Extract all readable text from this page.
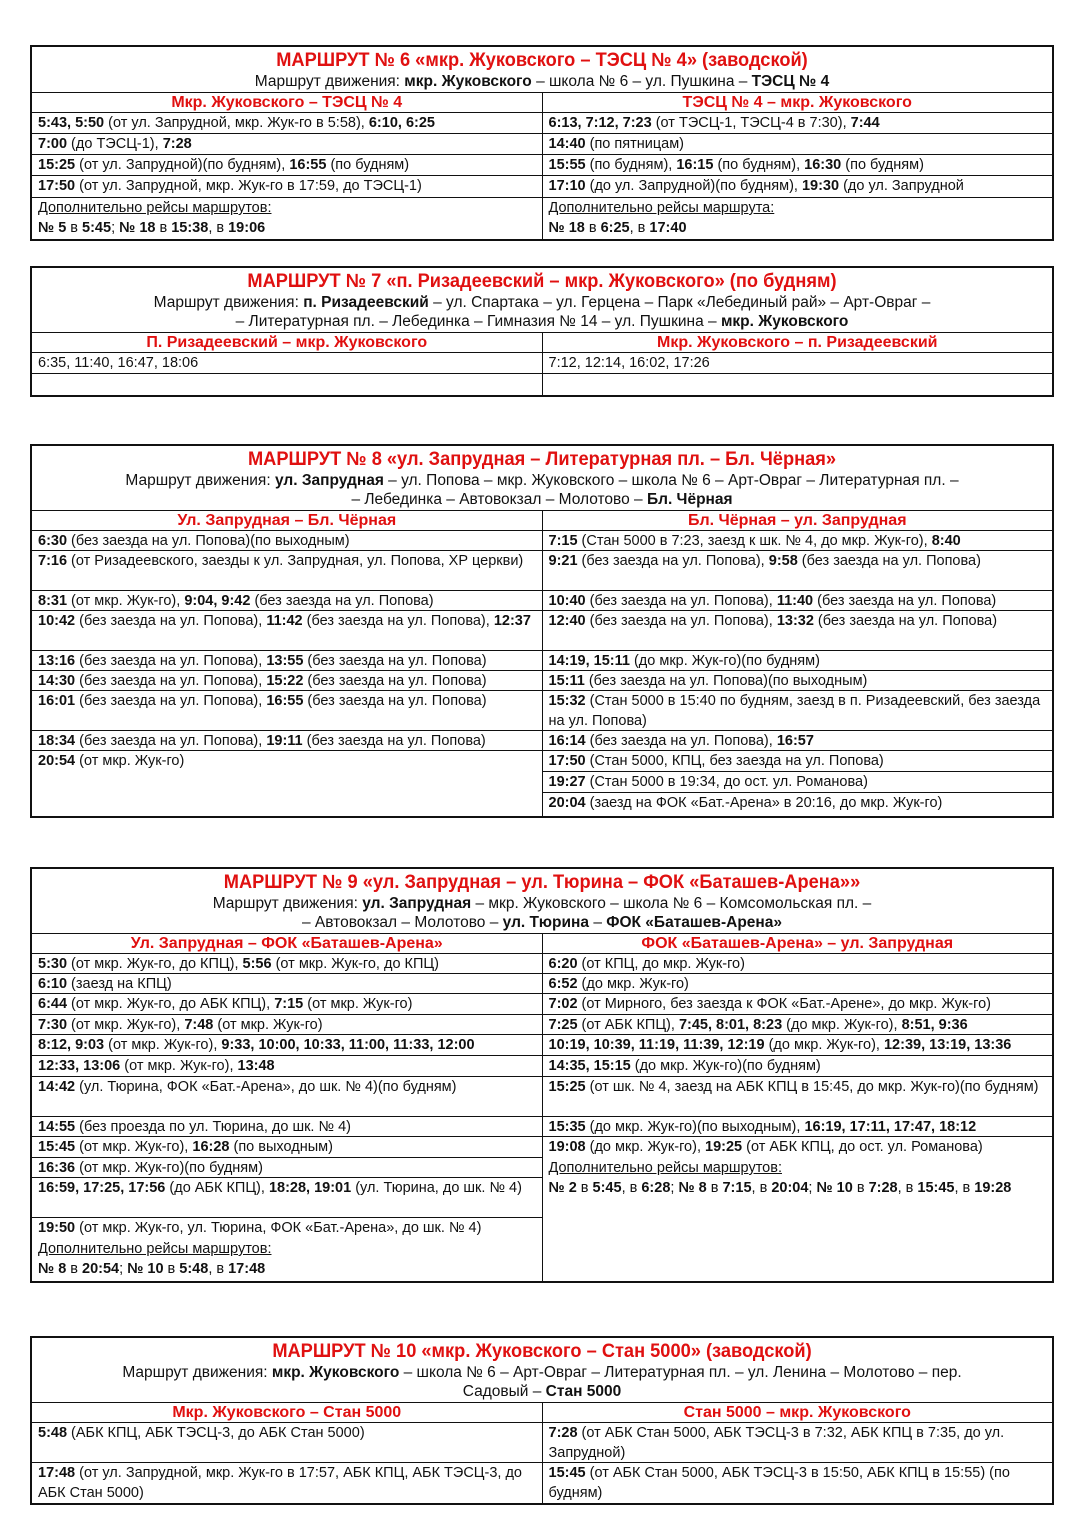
МАРШРУТ № 6 «мкр. Жуковского – ТЭСЦ № 4» (заводской)
Маршрут движения: мкр. Жуковского – школа № 6 – ул. Пушкина – ТЭСЦ № 4
Мкр. Жуковского – ТЭСЦ № 4
5:43, 5:50 (от ул. Запрудной, мкр. Жук-го в 5:58), 6:10, 6:25
7:00 (до ТЭСЦ-1), 7:28
15:25 (от ул. Запрудной)(по будням), 16:55 (по будням)
17:50 (от ул. Запрудной, мкр. Жук-го в 17:59, до ТЭСЦ-1)
Дополнительно рейсы маршрутов:
№ 5 в 5:45; № 18 в 15:38, в 19:06
ТЭСЦ № 4 – мкр. Жуковского
6:13, 7:12, 7:23 (от ТЭСЦ-1, ТЭСЦ-4 в 7:30), 7:44
14:40 (по пятницам)
15:55 (по будням), 16:15 (по будням), 16:30 (по будням)
17:10 (до ул. Запрудной)(по будням), 19:30 (до ул. Запрудной
Дополнительно рейсы маршрута:
№ 18 в 6:25, в 17:40
МАРШРУТ № 7 «п. Ризадеевский – мкр. Жуковского» (по будням)
Маршрут движения: п. Ризадеевский – ул. Спартака – ул. Герцена – Парк «Лебединый рай» – Арт-Овраг –
– Литературная пл. – Лебединка – Гимназия № 14 – ул. Пушкина – мкр. Жуковского
П. Ризадеевский – мкр. Жуковского
6:35, 11:40, 16:47, 18:06
Мкр. Жуковского – п. Ризадеевский
7:12, 12:14, 16:02, 17:26
МАРШРУТ № 8 «ул. Запрудная – Литературная пл. – Бл. Чёрная»
Маршрут движения: ул. Запрудная – ул. Попова – мкр. Жуковского – школа № 6 – Арт-Овраг – Литературная пл. –
– Лебединка – Автовокзал – Молотово – Бл. Чёрная
Ул. Запрудная – Бл. Чёрная
6:30 (без заезда на ул. Попова)(по выходным)
7:16 (от Ризадеевского, заезды к ул. Запрудная, ул. Попова, ХР церкви)
8:31 (от мкр. Жук-го), 9:04, 9:42 (без заезда на ул. Попова)
10:42 (без заезда на ул. Попова), 11:42 (без заезда на ул. Попова), 12:37
13:16 (без заезда на ул. Попова), 13:55 (без заезда на ул. Попова)
14:30 (без заезда на ул. Попова), 15:22 (без заезда на ул. Попова)
16:01 (без заезда на ул. Попова), 16:55 (без заезда на ул. Попова)
18:34 (без заезда на ул. Попова), 19:11 (без заезда на ул. Попова)
20:54 (от мкр. Жук-го)
Бл. Чёрная – ул. Запрудная
7:15 (Стан 5000 в 7:23, заезд к шк. № 4, до мкр. Жук-го), 8:40
9:21 (без заезда на ул. Попова), 9:58 (без заезда на ул. Попова)
10:40 (без заезда на ул. Попова), 11:40 (без заезда на ул. Попова)
12:40 (без заезда на ул. Попова), 13:32 (без заезда на ул. Попова)
14:19, 15:11 (до мкр. Жук-го)(по будням)
15:11 (без заезда на ул. Попова)(по выходным)
15:32 (Стан 5000 в 15:40 по будням, заезд в п. Ризадеевский, без заезда на ул. Попова)
16:14 (без заезда на ул. Попова), 16:57
17:50 (Стан 5000, КПЦ, без заезда на ул. Попова)
19:27 (Стан 5000 в 19:34, до ост. ул. Романова)
20:04 (заезд на ФОК «Бат.-Арена» в 20:16, до мкр. Жук-го)
МАРШРУТ № 9 «ул. Запрудная – ул. Тюрина – ФОК «Баташев-Арена»»
Маршрут движения: ул. Запрудная – мкр. Жуковского – школа № 6 – Комсомольская пл. –
– Автовокзал – Молотово – ул. Тюрина – ФОК «Баташев-Арена»
Ул. Запрудная – ФОК «Баташев-Арена»
5:30 (от мкр. Жук-го, до КПЦ), 5:56 (от мкр. Жук-го, до КПЦ)
6:10 (заезд на КПЦ)
6:44 (от мкр. Жук-го, до АБК КПЦ), 7:15 (от мкр. Жук-го)
7:30 (от мкр. Жук-го), 7:48 (от мкр. Жук-го)
8:12, 9:03 (от мкр. Жук-го), 9:33, 10:00, 10:33, 11:00, 11:33, 12:00
12:33, 13:06 (от мкр. Жук-го), 13:48
14:42 (ул. Тюрина, ФОК «Бат.-Арена», до шк. № 4)(по будням)
14:55 (без проезда по ул. Тюрина, до шк. № 4)
15:45 (от мкр. Жук-го), 16:28 (по выходным)
16:36 (от мкр. Жук-го)(по будням)
16:59, 17:25, 17:56 (до АБК КПЦ), 18:28, 19:01 (ул. Тюрина, до шк. № 4)
19:50 (от мкр. Жук-го, ул. Тюрина, ФОК «Бат.-Арена», до шк. № 4)
Дополнительно рейсы маршрутов:
№ 8 в 20:54; № 10 в 5:48, в 17:48
ФОК «Баташев-Арена» – ул. Запрудная
6:20 (от КПЦ, до мкр. Жук-го)
6:52 (до мкр. Жук-го)
7:02 (от Мирного, без заезда к ФОК «Бат.-Арене», до мкр. Жук-го)
7:25 (от АБК КПЦ), 7:45, 8:01, 8:23 (до мкр. Жук-го), 8:51, 9:36
10:19, 10:39, 11:19, 11:39, 12:19 (до мкр. Жук-го), 12:39, 13:19, 13:36
14:35, 15:15 (до мкр. Жук-го)(по будням)
15:25 (от шк. № 4, заезд на АБК КПЦ в 15:45, до мкр. Жук-го)(по будням)
15:35 (до мкр. Жук-го)(по выходным), 16:19, 17:11, 17:47, 18:12
19:08 (до мкр. Жук-го), 19:25 (от АБК КПЦ, до ост. ул. Романова)
Дополнительно рейсы маршрутов:
№ 2 в 5:45, в 6:28; № 8 в 7:15, в 20:04; № 10 в 7:28, в 15:45, в 19:28
МАРШРУТ № 10 «мкр. Жуковского – Стан 5000» (заводской)
Маршрут движения: мкр. Жуковского – школа № 6 – Арт-Овраг – Литературная пл. – ул. Ленина – Молотово – пер.
Садовый – Стан 5000
Мкр. Жуковского – Стан 5000
5:48 (АБК КПЦ, АБК ТЭСЦ-3, до АБК Стан 5000)
17:48 (от ул. Запрудной, мкр. Жук-го в 17:57, АБК КПЦ, АБК ТЭСЦ-3, до АБК Стан 5000)
Стан 5000 – мкр. Жуковского
7:28 (от АБК Стан 5000, АБК ТЭСЦ-3 в 7:32, АБК КПЦ в 7:35, до ул. Запрудной)
15:45 (от АБК Стан 5000, АБК ТЭСЦ-3 в 15:50, АБК КПЦ в 15:55) (по будням)
